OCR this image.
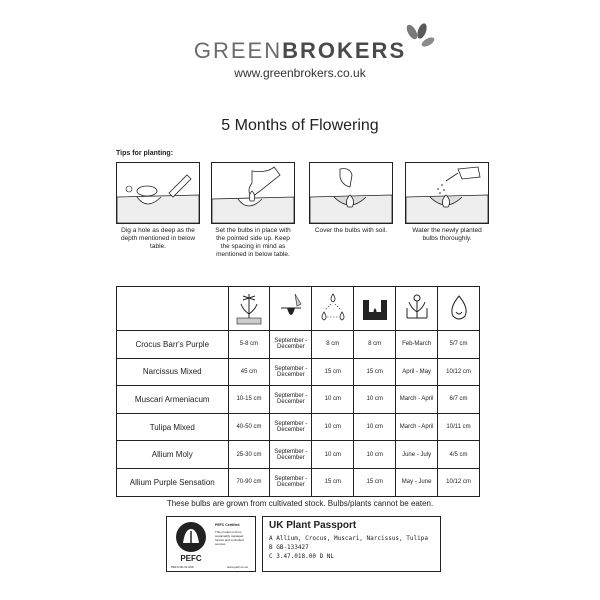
GREENBROKERS
www.greenbrokers.co.uk
5 Months of Flowering
Tips for planting:
Dig a hole as deep as the depth mentioned in below table.
Set the bulbs in place with the pointed side up. Keep the spacing in mind as mentioned in below table.
Cover the bulbs with soil.	Water the newly planted bulbs thoroughly.

Crocus Barr's Purple	5-8 cm	September - December	8 cm	8 cm	Feb-March	5/7 cm
Narcissus Mixed	45 cm	September - December	15 cm	15 cm	April - May	10/12 cm
Muscari Armeniacum	10-15 cm	September - December	10 cm	10 cm	March - April	6/7 cm
Tulipa Mixed	40-50 cm	September - December	10 cm	10 cm	March - April	10/11 cm
Allium Moly	25-30 cm	September - December	10 cm	10 cm	June - July	4/5 cm
Allium Purple Sensation	70-90 cm	September - December	15 cm	15 cm	May - June	10/12 cm
These bulbs are grown from cultivated stock. Bulbs/plants cannot be eaten.
PEFC
PEFC Certified
This product is from sustainably managed forests and controlled sources
PEFC/30-31-096	www.pefc.co.uk
UK Plant Passport
A Allium, Crocus, Muscari, Narcissus, Tulipa
B GB-133427
C 3.47.018.00 D NL
